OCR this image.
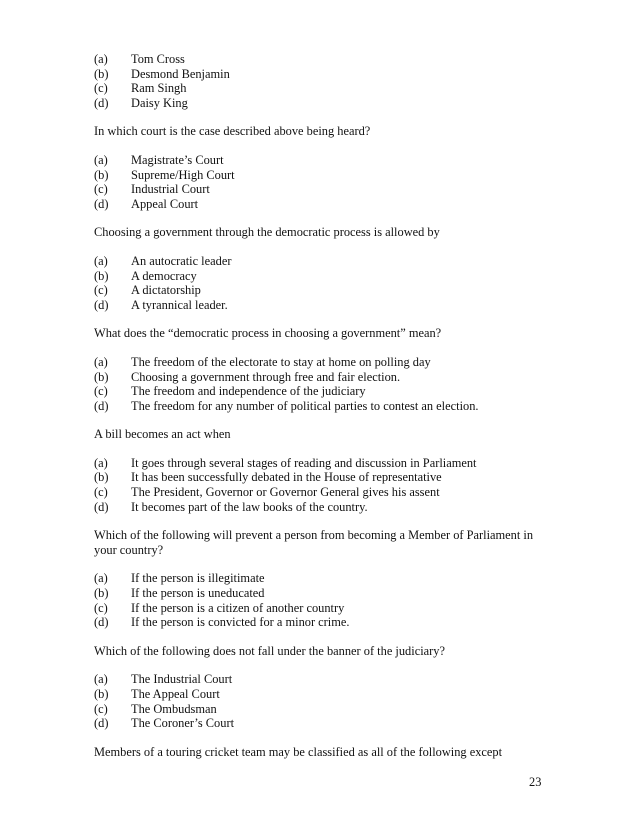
(a)	Tom Cross
(b)	Desmond Benjamin
(c)	Ram Singh
(d)	Daisy King

In which court is the case described above being heard?

(a)	Magistrate’s Court
(b)	Supreme/High Court
(c)	Industrial Court
(d)	Appeal Court

Choosing a government through the democratic process is allowed by

(a)	An autocratic leader
(b)	A democracy
(c)	A dictatorship
(d)	A tyrannical leader.

What does the “democratic process in choosing a government” mean?

(a)	The freedom of the electorate to stay at home on polling day
(b)	Choosing a government through free and fair election.
(c)	The freedom and independence of the judiciary
(d)	The freedom for any number of political parties to contest an election.

A bill becomes an act when

(a)	It goes through several stages of reading and discussion in Parliament
(b)	It has been successfully debated in the House of representative
(c)	The President, Governor or Governor General gives his assent
(d)	It becomes part of the law books of the country.

Which of the following will prevent a person from becoming a Member of Parliament in your country?

(a)	If the person is illegitimate
(b)	If the person is uneducated
(c)	If the person is a citizen of another country
(d)	If the person is convicted for a minor crime.

Which of the following does not fall under the banner of the judiciary?

(a)	The Industrial Court
(b)	The Appeal Court
(c)	The Ombudsman
(d)	The Coroner’s Court

Members of a touring cricket team may be classified as all of the following except

23
